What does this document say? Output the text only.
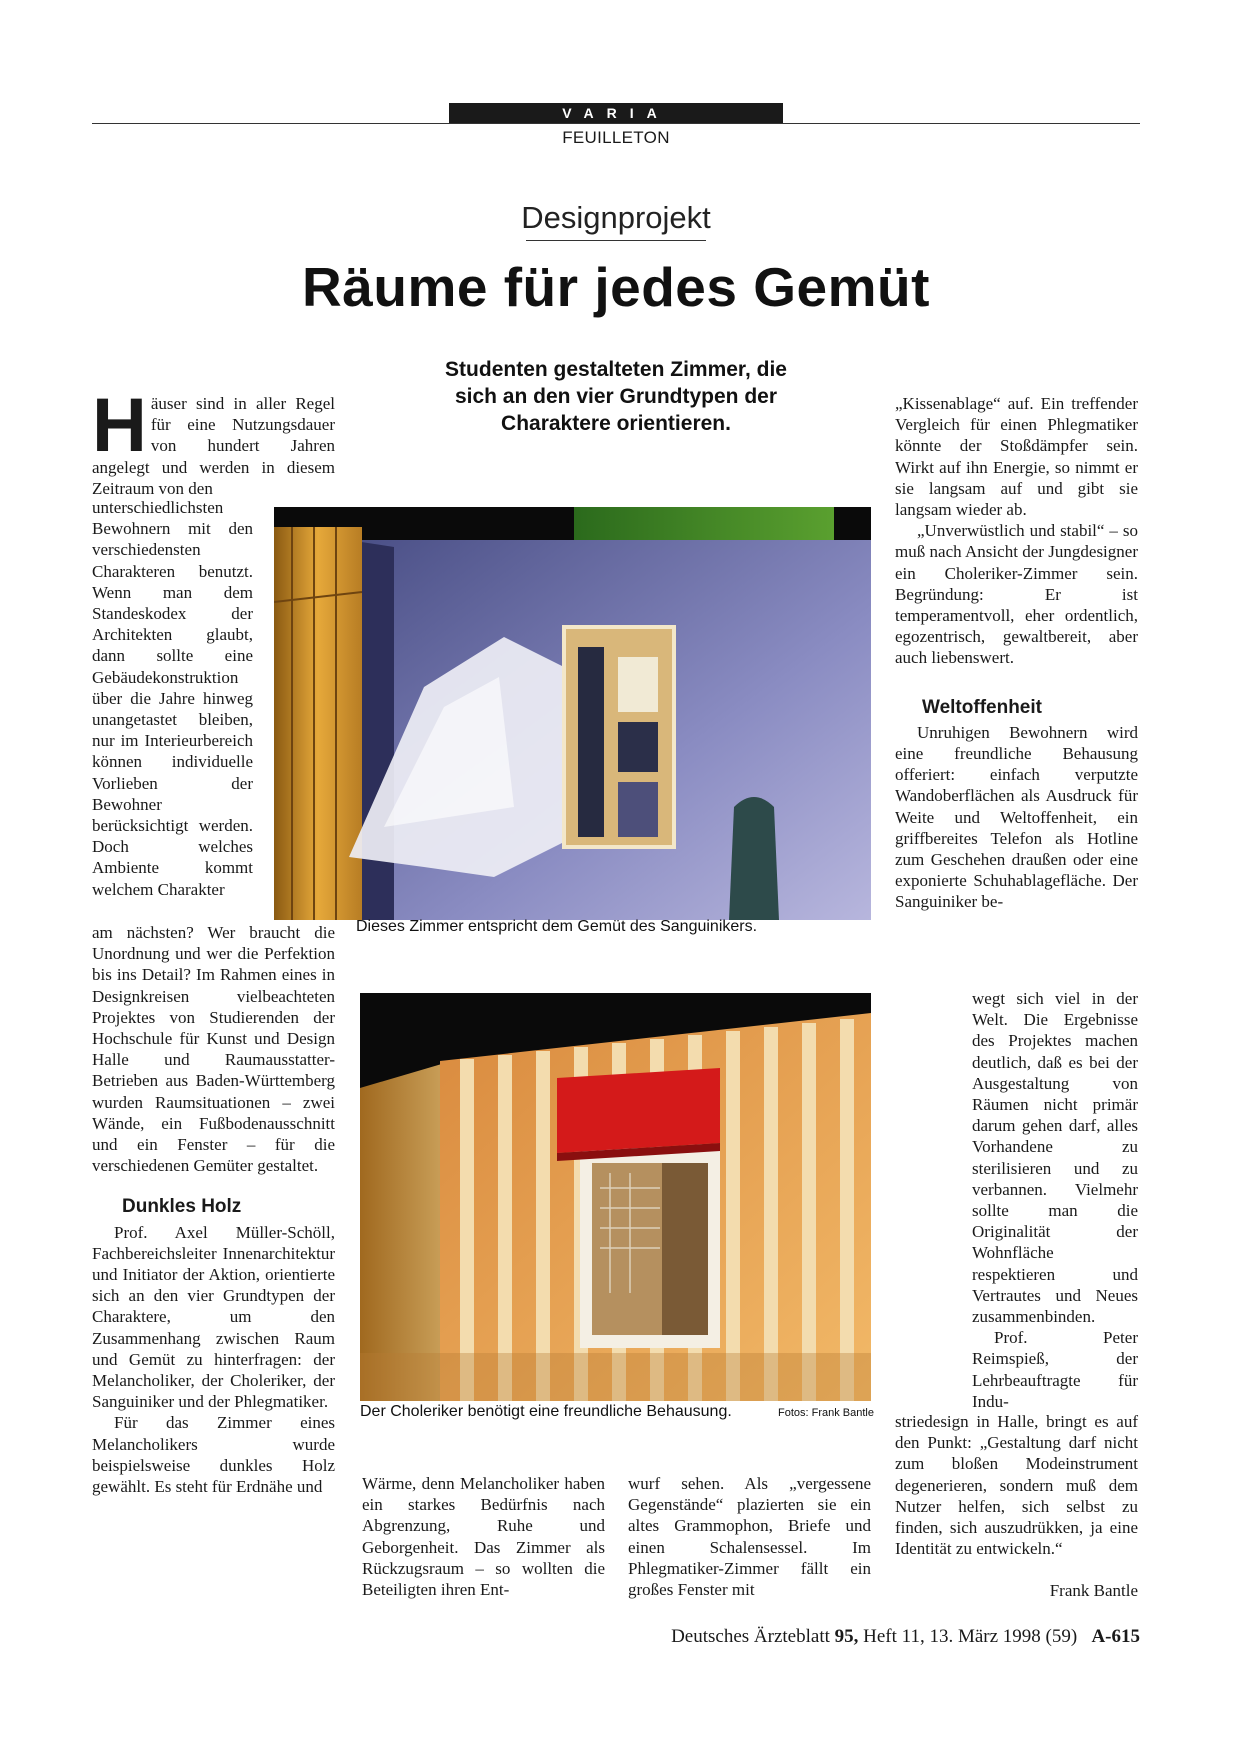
VARIA
FEUILLETON
Designprojekt
Räume für jedes Gemüt

Studenten gestalteten Zimmer, die sich an den vier Grundtypen der Charaktere orientieren.

Häuser sind in aller Regel für eine Nutzungsdauer von hundert Jahren angelegt und werden in diesem Zeitraum von den
unterschiedlichsten Bewohnern mit den verschiedensten Charakteren benutzt. Wenn man dem Standeskodex der Architekten glaubt, dann sollte eine Gebäudekonstruktion über die Jahre hinweg unangetastet bleiben, nur im Interieurbereich können individuelle Vorlieben der Bewohner berücksichtigt werden. Doch welches Ambiente kommt welchem Charakter

am nächsten? Wer braucht die Unordnung und wer die Perfektion bis ins Detail? Im Rahmen eines in Designkreisen vielbeachteten Projektes von Studierenden der Hochschule für Kunst und Design Halle und Raumausstatter-Betrieben aus Baden-Württemberg wurden Raumsituationen – zwei Wände, ein Fußbodenausschnitt und ein Fenster – für die verschiedenen Gemüter gestaltet.

Dunkles Holz

Prof. Axel Müller-Schöll, Fachbereichsleiter Innenarchitektur und Initiator der Aktion, orientierte sich an den vier Grundtypen der Charaktere, um den Zusammenhang zwischen Raum und Gemüt zu hinterfragen: der Melancholiker, der Choleriker, der Sanguiniker und der Phlegmatiker.

Für das Zimmer eines Melancholikers wurde beispielsweise dunkles Holz gewählt. Es steht für Erdnähe und

Dieses Zimmer entspricht dem Gemüt des Sanguinikers.
Der Choleriker benötigt eine freundliche Behausung.	Fotos: Frank Bantle
Wärme, denn Melancholiker haben ein starkes Bedürfnis nach Abgrenzung, Ruhe und Geborgenheit. Das Zimmer als Rückzugsraum – so wollten die Beteiligten ihren Ent-
wurf sehen. Als „vergessene Gegenstände“ plazierten sie ein altes Grammophon, Briefe und einen Schalensessel. Im Phlegmatiker-Zimmer fällt ein großes Fenster mit

„Kissenablage“ auf. Ein treffender Vergleich für einen Phlegmatiker könnte der Stoßdämpfer sein. Wirkt auf ihn Energie, so nimmt er sie langsam auf und gibt sie langsam wieder ab.

„Unverwüstlich und stabil“ – so muß nach Ansicht der Jungdesigner ein Choleriker-Zimmer sein. Begründung: Er ist temperamentvoll, eher ordentlich, egozentrisch, gewaltbereit, aber auch liebenswert.

Weltoffenheit

Unruhigen Bewohnern wird eine freundliche Behausung offeriert: einfach verputzte Wandoberflächen als Ausdruck für Weite und Weltoffenheit, ein griffbereites Telefon als Hotline zum Geschehen draußen oder eine exponierte Schuhablagefläche. Der Sanguiniker be-

wegt sich viel in der Welt. Die Ergebnisse des Projektes machen deutlich, daß es bei der Ausgestaltung von Räumen nicht primär darum gehen darf, alles Vorhandene zu sterilisieren und zu verbannen. Vielmehr sollte man die Originalität der Wohnfläche respektieren und Vertrautes und Neues zusammenbinden.

Prof. Peter Reimspieß, der Lehrbeauftragte für Indu-

striedesign in Halle, bringt es auf den Punkt: „Gestaltung darf nicht zum bloßen Modeinstrument degenerieren, sondern muß dem Nutzer helfen, sich selbst zu finden, sich auszudrükken, ja eine Identität zu entwickeln.“

Frank Bantle
Deutsches Ärzteblatt 95, Heft 11, 13. März 1998 (59) A-615
